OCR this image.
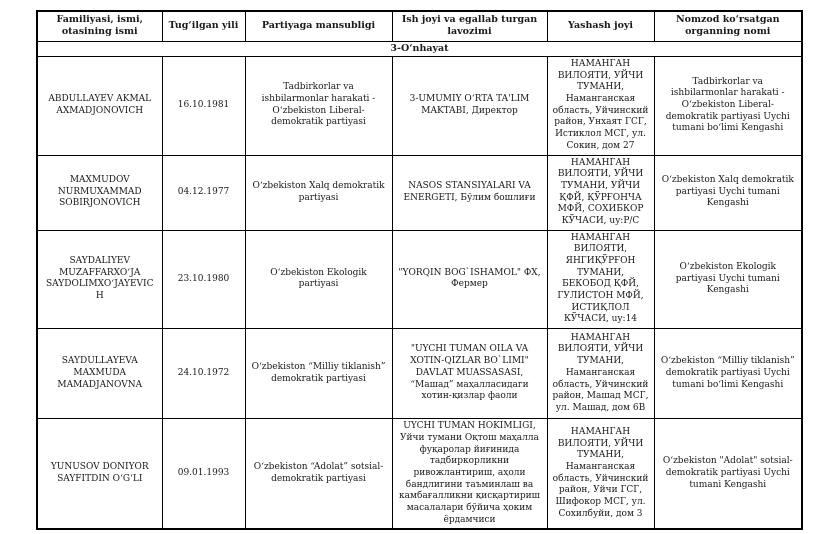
Familiyasi, ismi, otasining ismi	Tugʻilgan yili	Partiyaga mansubligi	Ish joyi va egallab turgan lavozimi	Yashash joyi	Nomzod koʻrsatgan organning nomi
3-Oʻnhayat					
ABDULLAYEV AKMAL AXMADJONOVICH	16.10.1981	Tadbirkorlar va ishbilarmonlar harakati - Oʻzbekiston Liberal-demokratik partiyasi	3-UMUMIY OʻRTA TA'LIM MAKTABI, Директор	НАМАНГАН ВИЛОЯТИ, УЙЧИ ТУМАНИ, Наманганская область, Уйчинский район, Унхаят ГСГ, Истиклол МСГ, ул. Сокин, дом 27	Tadbirkorlar va ishbilarmonlar harakati - Oʻzbekiston Liberal-demokratik partiyasi Uychi tumani boʻlimi Kengashi
MAXMUDOV NURMUXAMMAD SOBIRJONOVICH	04.12.1977	Oʻzbekiston Xalq demokratik partiyasi	NASOS STANSIYALARI VA ENERGETI, Бўлим бошлиғи	НАМАНГАН ВИЛОЯТИ, УЙЧИ ТУМАНИ, УЙЧИ ҚФЙ, ҚЎРҒОНЧА МФЙ, СОХИБКОР КЎЧАСИ, uy:Р/С	Oʻzbekiston Xalq demokratik partiyasi Uychi tumani Kengashi
SAYDALIYEV MUZAFFARXOʻJA SAYDOLIMXOʻJAYEVICH	23.10.1980	Oʻzbekiston Ekologik partiyasi	"YORQIN BOG`ISHAMOL" ФХ, Фермер	НАМАНГАН ВИЛОЯТИ, ЯНГИҚЎРҒОН ТУМАНИ, БЕКОБОД ҚФЙ, ГУЛИСТОН МФЙ, ИСТИҚЛОЛ КЎЧАСИ, uy:14	Oʻzbekiston Ekologik partiyasi Uychi tumani Kengashi
SAYDULLAYEVA MAXMUDA MAMADJANOVNA	24.10.1972	Oʻzbekiston “Milliy tiklanish” demokratik partiyasi	"UYCHI TUMAN OILA VA XOTIN-QIZLAR BO`LIMI" DAVLAT MUASSASASI, “Машад” маҳалласидаги хотин-қизлар фаоли	НАМАНГАН ВИЛОЯТИ, УЙЧИ ТУМАНИ, Наманганская область, Уйчинский район, Машад МСГ, ул. Машад, дом 6В	Oʻzbekiston “Milliy tiklanish” demokratik partiyasi Uychi tumani boʻlimi Kengashi
YUNUSOV DONIYOR SAYFITDIN OʻGʻLI	09.01.1993	Oʻzbekiston “Adolat” sotsial-demokratik partiyasi	UYCHI TUMAN HOKIMLIGI, Уйчи тумани Оқтош маҳалла фуқаролар йиғинида тадбиркорликни ривожлантириш, аҳоли бандлигини таъминлаш ва камбағалликни қисқартириш масалалари бўйича ҳоким ёрдамчиси	НАМАНГАН ВИЛОЯТИ, УЙЧИ ТУМАНИ, Наманганская область, Уйчинский район, Уйчи ГСГ, Шифокор МСГ, ул. Сохилбуйи, дом 3	Oʻzbekiston "Adolat" sotsial-demokratik partiyasi Uychi tumani Kengashi
